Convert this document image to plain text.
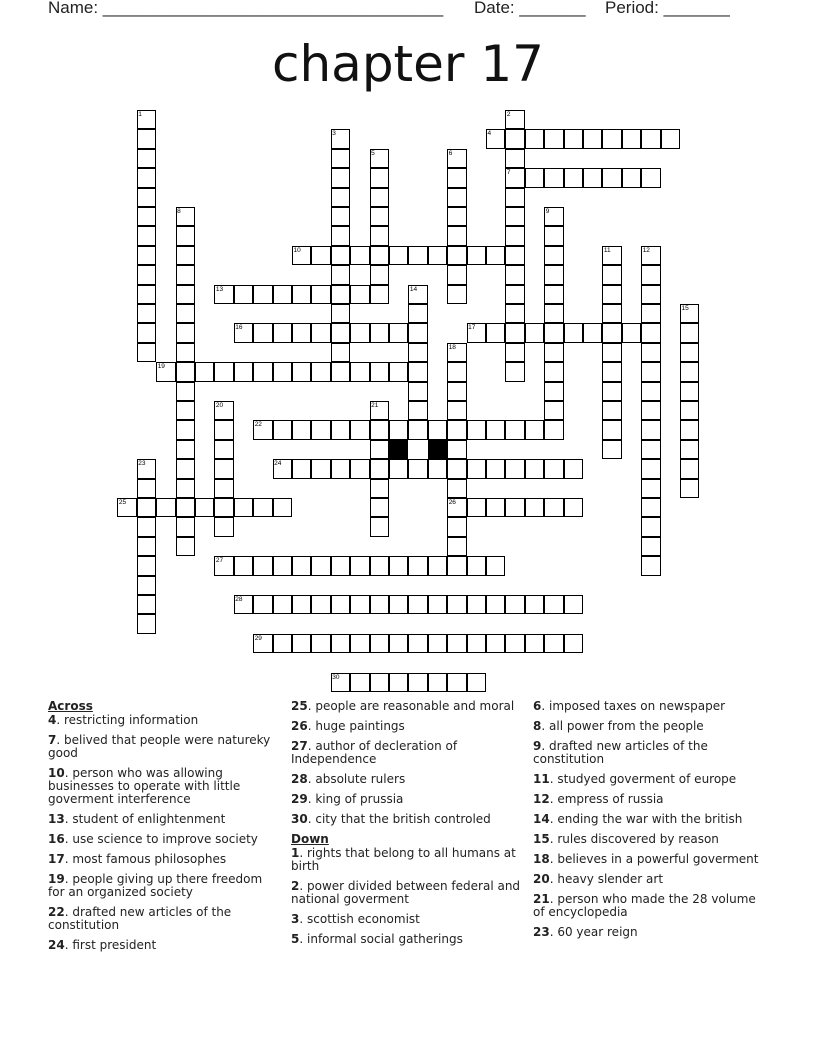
Name: ____________________________________ Date: _______ Period: _______
chapter 17
1	2
3	4
5	6
7
8	9
10	11	12
13	14
15
16	17
18
19
20	21
22
23	24
25	26
27
28
29
30
Across
4. restricting information
7. belived that people were natureky good
10. person who was allowing businesses to operate with little goverment interference
13. student of enlightenment
16. use science to improve society
17. most famous philosophes
19. people giving up there freedom for an organized society
22. drafted new articles of the constitution
24. first president
25. people are reasonable and moral
26. huge paintings
27. author of decleration of Independence
28. absolute rulers
29. king of prussia
30. city that the british controled
Down
1. rights that belong to all humans at birth
2. power divided between federal and national goverment
3. scottish economist
5. informal social gatherings
6. imposed taxes on newspaper
8. all power from the people
9. drafted new articles of the constitution
11. studyed goverment of europe
12. empress of russia
14. ending the war with the british
15. rules discovered by reason
18. believes in a powerful goverment
20. heavy slender art
21. person who made the 28 volume of encyclopedia
23. 60 year reign
